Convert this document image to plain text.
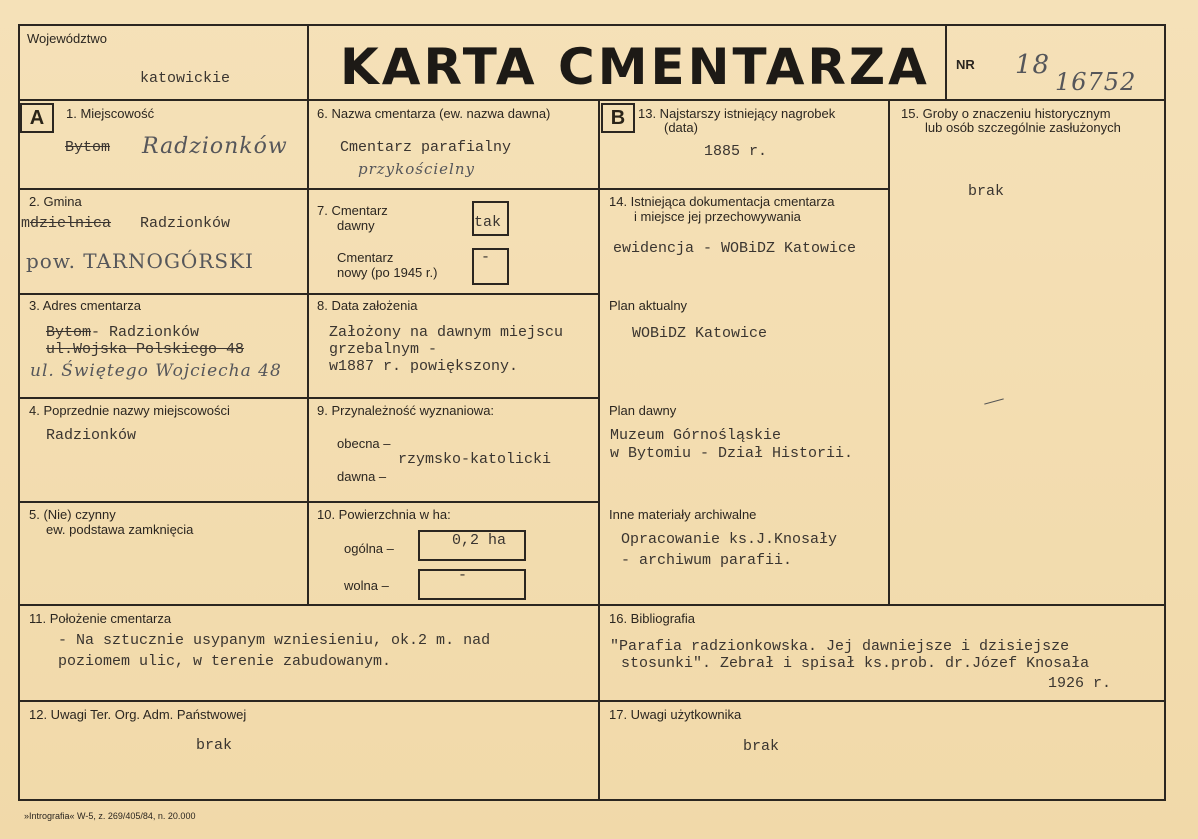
Województwo
katowickie KARTA CMENTARZA NR 18
16752
A	B
1. Miejscowość
Bytom Radzionków
2. Gmina
m dzielnica Radzionków
pow. TARNOGÓRSKI
3. Adres cmentarza
Bytom - Radzionków
ul.Wojska Polskiego 48
ul. Świętego Wojciecha 48
4. Poprzednie nazwy miejscowości
Radzionków
5. (Nie) czynny
ew. podstawa zamknięcia
6. Nazwa cmentarza (ew. nazwa dawna)
Cmentarz parafialny
przykościelny
7. Cmentarz
dawny	tak
Cmentarz
nowy (po 1945 r.)
-
8. Data założenia
Założony na dawnym miejscu
grzebalnym -
w1887 r. powiększony.
9. Przynależność wyznaniowa:
obecna –
rzymsko-katolicki
dawna –
10. Powierzchnia w ha:
ogólna –	0,2 ha
wolna –
-
13. Najstarszy istniejący nagrobek
(data)
1885 r.
14. Istniejąca dokumentacja cmentarza
i miejsce jej przechowywania
ewidencja - WOBiDZ Katowice
Plan aktualny
WOBiDZ Katowice
Plan dawny
Muzeum Górnośląskie
w Bytomiu - Dział Historii.
Inne materiały archiwalne
Opracowanie ks.J.Knosały
- archiwum parafii.
15. Groby o znaczeniu historycznym
lub osób szczególnie zasłużonych
brak
11. Położenie cmentarza
- Na sztucznie usypanym wzniesieniu, ok.2 m. nad
poziomem ulic, w terenie zabudowanym.
16. Bibliografia
"Parafia radzionkowska. Jej dawniejsze i dzisiejsze
stosunki". Zebrał i spisał ks.prob. dr.Józef Knosała
1926 r.
12. Uwagi Ter. Org. Adm. Państwowej
brak
17. Uwagi użytkownika
brak
»Intrografia« W-5, z. 269/405/84, n. 20.000
